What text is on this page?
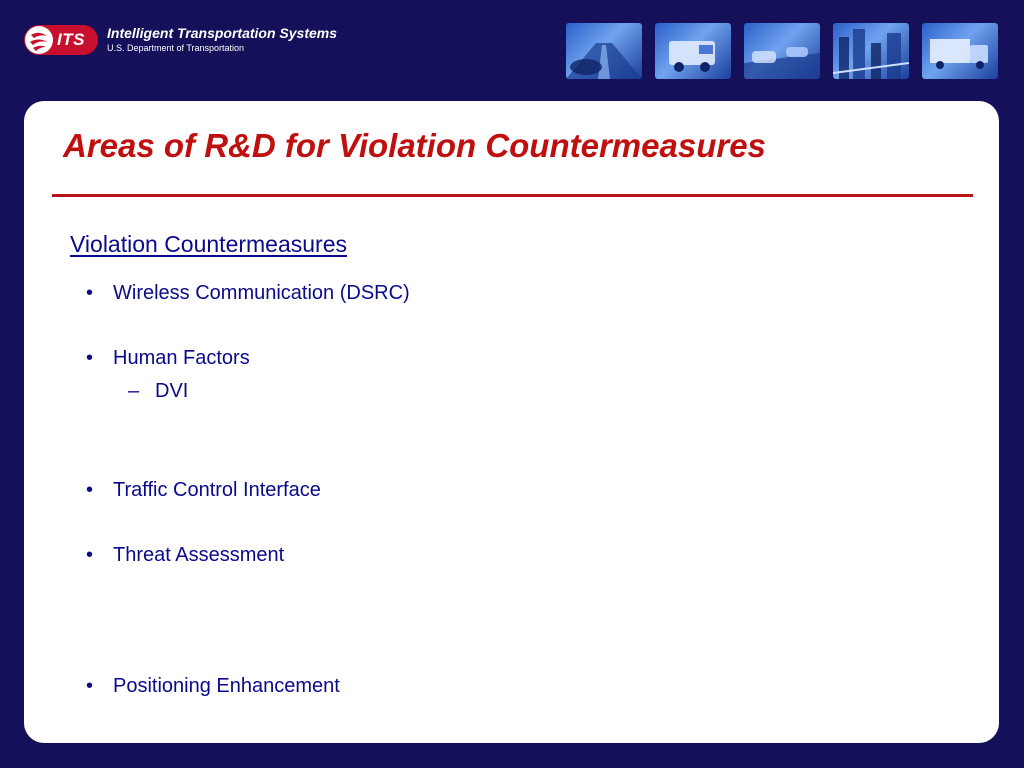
ITS Intelligent Transportation Systems
U.S. Department of Transportation
Areas of R&D for Violation Countermeasures
Violation Countermeasures
• Wireless Communication (DSRC)
• Human Factors
– DVI
• Traffic Control Interface
• Threat Assessment
• Positioning Enhancement
